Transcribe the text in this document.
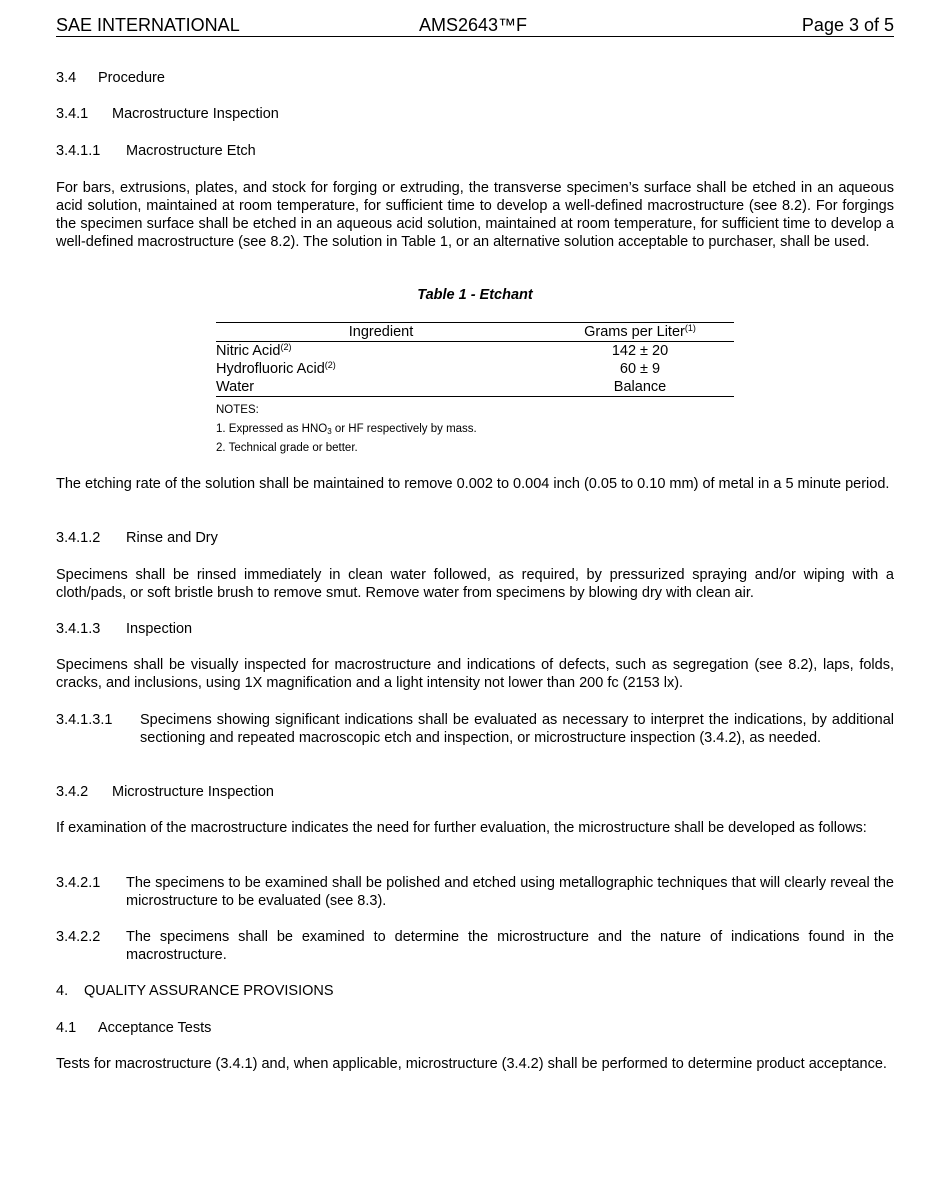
SAE INTERNATIONAL	AMS2643™F	Page 3 of 5
3.4 Procedure
3.4.1 Macrostructure Inspection
3.4.1.1 Macrostructure Etch
For bars, extrusions, plates, and stock for forging or extruding, the transverse specimen’s surface shall be etched in an aqueous acid solution, maintained at room temperature, for sufficient time to develop a well-defined macrostructure (see 8.2). For forgings the specimen surface shall be etched in an aqueous acid solution, maintained at room temperature, for sufficient time to develop a well-defined macrostructure (see 8.2). The solution in Table 1, or an alternative solution acceptable to purchaser, shall be used.
Table 1 - Etchant
Ingredient	Grams per Liter$^{(1)}$
Nitric Acid$^{(2)}$	142 ± 20
Hydrofluoric Acid$^{(2)}$	60 ± 9
Water	Balance
NOTES:
1. Expressed as $HNO_3$ or HF respectively by mass.
2. Technical grade or better.
The etching rate of the solution shall be maintained to remove 0.002 to 0.004 inch (0.05 to 0.10 mm) of metal in a 5 minute period.
3.4.1.2 Rinse and Dry
Specimens shall be rinsed immediately in clean water followed, as required, by pressurized spraying and/or wiping with a cloth/pads, or soft bristle brush to remove smut. Remove water from specimens by blowing dry with clean air.
3.4.1.3 Inspection
Specimens shall be visually inspected for macrostructure and indications of defects, such as segregation (see 8.2), laps, folds, cracks, and inclusions, using 1X magnification and a light intensity not lower than 200 fc (2153 lx).
3.4.1.3.1	Specimens showing significant indications shall be evaluated as necessary to interpret the indications, by additional sectioning and repeated macroscopic etch and inspection, or microstructure inspection (3.4.2), as needed.
3.4.2 Microstructure Inspection
If examination of the macrostructure indicates the need for further evaluation, the microstructure shall be developed as follows:
3.4.2.1	The specimens to be examined shall be polished and etched using metallographic techniques that will clearly reveal the microstructure to be evaluated (see 8.3).
3.4.2.2	The specimens shall be examined to determine the microstructure and the nature of indications found in the macrostructure.
4. QUALITY ASSURANCE PROVISIONS
4.1 Acceptance Tests
Tests for macrostructure (3.4.1) and, when applicable, microstructure (3.4.2) shall be performed to determine product acceptance.
